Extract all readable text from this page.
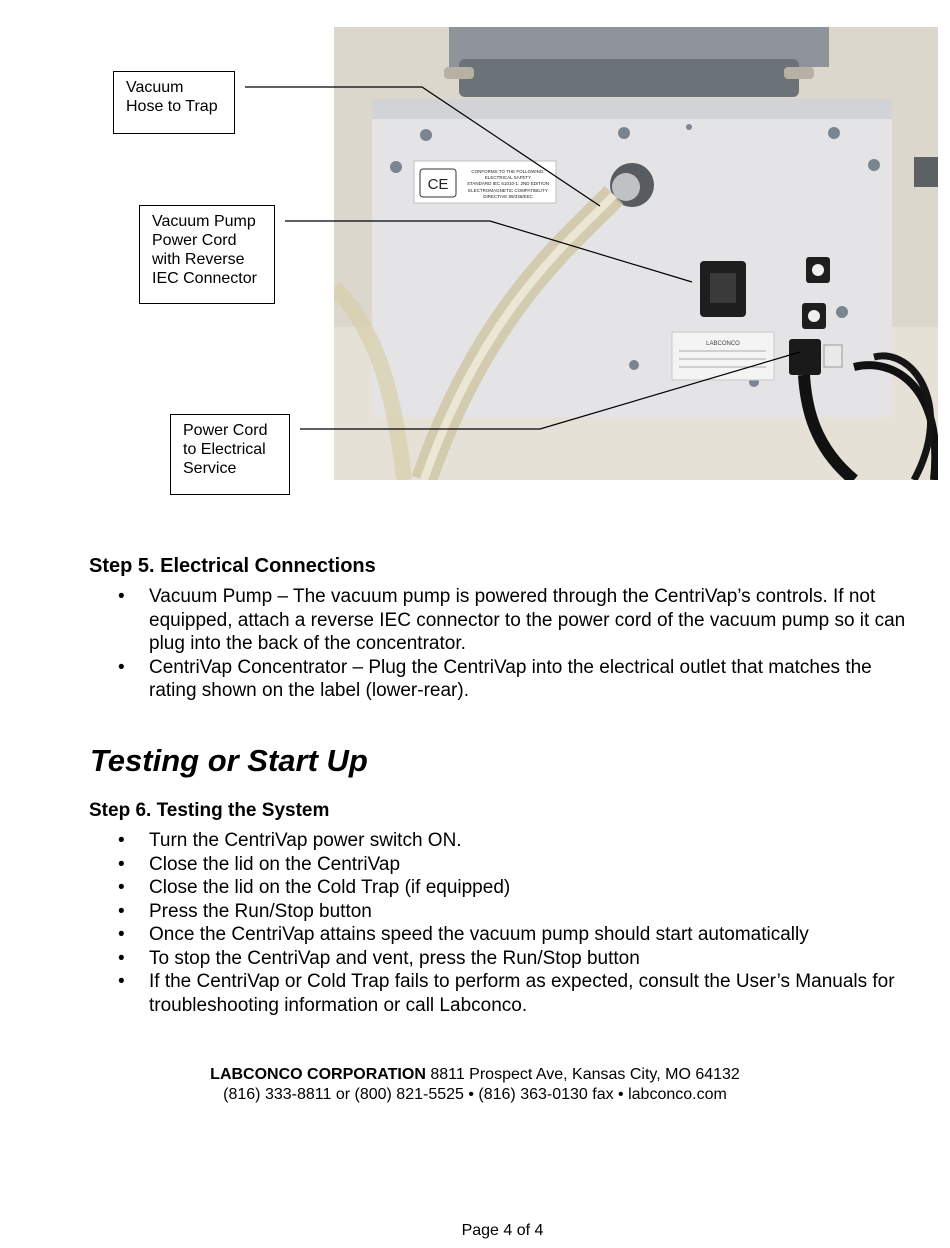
CE
CONFORMS TO THE FOLLOWING:
ELECTRICAL SAFETY
STANDARD IEC 61010-1: 2ND EDITION
ELECTROMAGNETIC COMPATIBILITY
DIRECTIVE 89/336/EEC
LABCONCO
Vacuum
Hose to Trap
Vacuum Pump
Power Cord
with Reverse
IEC Connector
Power Cord
to Electrical
Service
Step 5. Electrical Connections
• Vacuum Pump – The vacuum pump is powered through the CentriVap’s controls. If not equipped, attach a reverse IEC connector to the power cord of the vacuum pump so it can plug into the back of the concentrator.
• CentriVap Concentrator – Plug the CentriVap into the electrical outlet that matches the rating shown on the label (lower-rear).
Testing or Start Up
Step 6. Testing the System
• Turn the CentriVap power switch ON.
• Close the lid on the CentriVap
• Close the lid on the Cold Trap (if equipped)
• Press the Run/Stop button
• Once the CentriVap attains speed the vacuum pump should start automatically
• To stop the CentriVap and vent, press the Run/Stop button
• If the CentriVap or Cold Trap fails to perform as expected, consult the User’s Manuals for troubleshooting information or call Labconco.
LABCONCO CORPORATION 8811 Prospect Ave, Kansas City, MO 64132
(816) 333-8811 or (800) 821-5525 • (816) 363-0130 fax • labconco.com
Page 4 of 4
